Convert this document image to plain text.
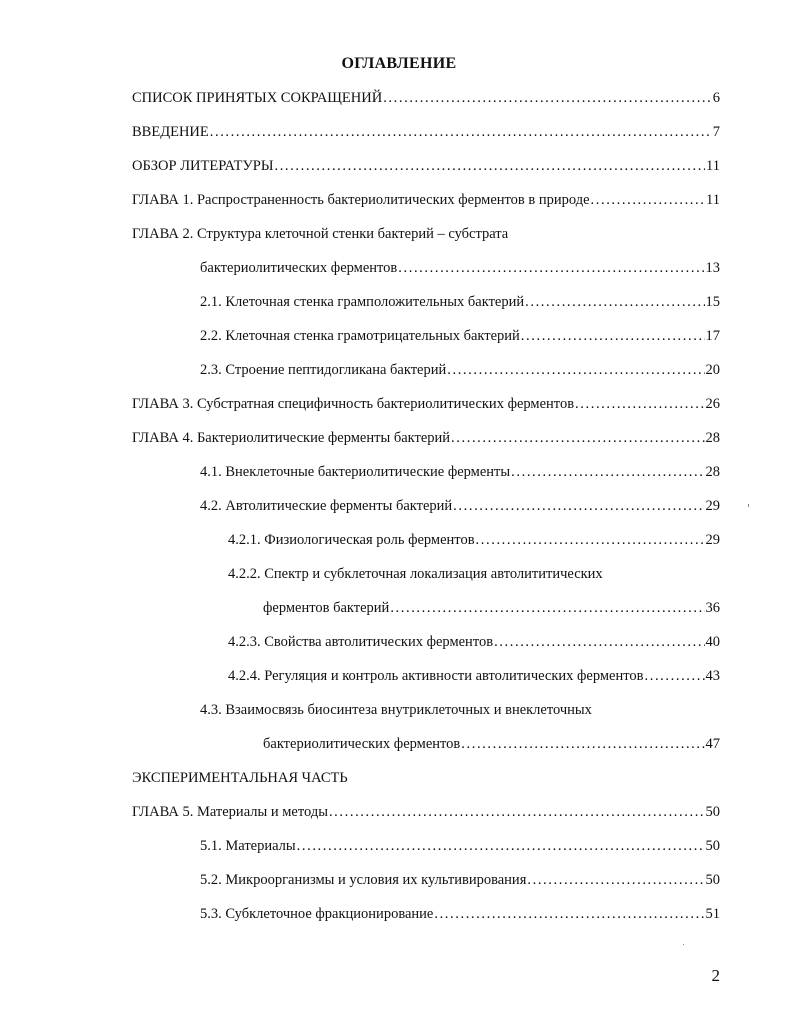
ОГЛАВЛЕНИЕ
СПИСОК ПРИНЯТЫХ СОКРАЩЕНИЙ .....	6
ВВЕДЕНИЕ .....	7
ОБЗОР ЛИТЕРАТУРЫ .....	11
ГЛАВА 1. Распространенность бактериолитических ферментов в природе .....	11
ГЛАВА 2. Структура клеточной стенки бактерий – субстрата
бактериолитических ферментов .....	13
2.1. Клеточная стенка грамположительных бактерий .....	15
2.2. Клеточная стенка грамотрицательных бактерий .....	17
2.3. Строение пептидогликана бактерий .....	20
ГЛАВА 3. Субстратная специфичность бактериолитических ферментов .....	26
ГЛАВА 4. Бактериолитические ферменты бактерий .....	28
4.1. Внеклеточные бактериолитические ферменты .....	28
4.2. Автолитические ферменты бактерий .....	29
4.2.1. Физиологическая роль ферментов .....	29
4.2.2. Спектр и субклеточная локализация автолититических
ферментов бактерий .....	36
4.2.3. Свойства автолитических ферментов .....	40
4.2.4. Регуляция и контроль активности автолитических ферментов .....	43
4.3. Взаимосвязь биосинтеза внутриклеточных и внеклеточных
бактериолитических ферментов .....	47
ЭКСПЕРИМЕНТАЛЬНАЯ ЧАСТЬ
ГЛАВА 5. Материалы и методы .....	50
5.1. Материалы .....	50
5.2. Микроорганизмы и условия их культивирования .....	50
5.3. Субклеточное фракционирование .....	51
2
